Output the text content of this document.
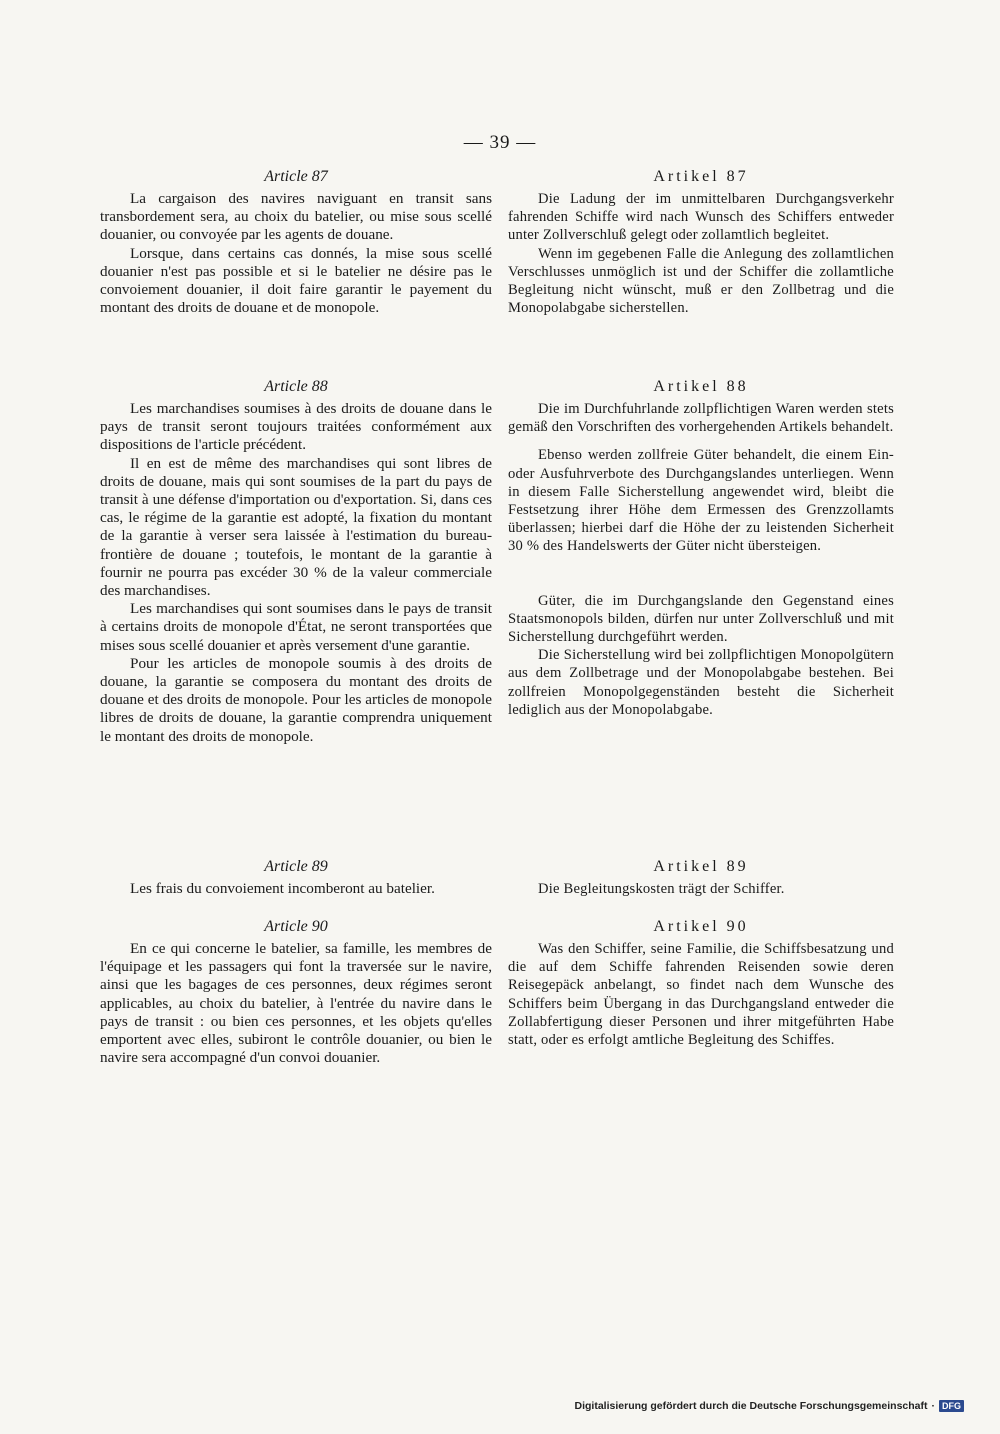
— 39 —
Article 87

La cargaison des navires naviguant en transit sans transbordement sera, au choix du batelier, ou mise sous scellé douanier, ou convoyée par les agents de douane.

Lorsque, dans certains cas donnés, la mise sous scellé douanier n'est pas possible et si le batelier ne désire pas le convoiement douanier, il doit faire garantir le payement du montant des droits de douane et de monopole.

Article 88

Les marchandises soumises à des droits de douane dans le pays de transit seront toujours traitées conformément aux dispositions de l'article précédent.

Il en est de même des marchandises qui sont libres de droits de douane, mais qui sont soumises de la part du pays de transit à une défense d'importation ou d'exportation. Si, dans ces cas, le régime de la garantie est adopté, la fixation du montant de la garantie à verser sera laissée à l'estimation du bureau-frontière de douane ; toutefois, le montant de la garantie à fournir ne pourra pas excéder 30 % de la valeur commerciale des marchandises.

Les marchandises qui sont soumises dans le pays de transit à certains droits de monopole d'État, ne seront transportées que mises sous scellé douanier et après versement d'une garantie.

Pour les articles de monopole soumis à des droits de douane, la garantie se composera du montant des droits de douane et des droits de monopole. Pour les articles de monopole libres de droits de douane, la garantie comprendra uniquement le montant des droits de monopole.

Article 89

Les frais du convoiement incomberont au batelier.

Article 90

En ce qui concerne le batelier, sa famille, les membres de l'équipage et les passagers qui font la traversée sur le navire, ainsi que les bagages de ces personnes, deux régimes seront applicables, au choix du batelier, à l'entrée du navire dans le pays de transit : ou bien ces personnes, et les objets qu'elles emportent avec elles, subiront le contrôle douanier, ou bien le navire sera accompagné d'un convoi douanier.

Artikel 87

Die Ladung der im unmittelbaren Durchgangsverkehr fahrenden Schiffe wird nach Wunsch des Schiffers entweder unter Zollverschluß gelegt oder zollamtlich begleitet.

Wenn im gegebenen Falle die Anlegung des zollamtlichen Verschlusses unmöglich ist und der Schiffer die zollamtliche Begleitung nicht wünscht, muß er den Zollbetrag und die Monopolabgabe sicherstellen.

Artikel 88

Die im Durchfuhrlande zollpflichtigen Waren werden stets gemäß den Vorschriften des vorhergehenden Artikels behandelt.

Ebenso werden zollfreie Güter behandelt, die einem Ein- oder Ausfuhrverbote des Durchgangslandes unterliegen. Wenn in diesem Falle Sicherstellung angewendet wird, bleibt die Festsetzung ihrer Höhe dem Ermessen des Grenzzollamts überlassen; hierbei darf die Höhe der zu leistenden Sicherheit 30 % des Handelswerts der Güter nicht übersteigen.

Güter, die im Durchgangslande den Gegenstand eines Staatsmonopols bilden, dürfen nur unter Zollverschluß und mit Sicherstellung durchgeführt werden.

Die Sicherstellung wird bei zollpflichtigen Monopolgütern aus dem Zollbetrage und der Monopolabgabe bestehen. Bei zollfreien Monopolgegenständen besteht die Sicherheit lediglich aus der Monopolabgabe.

Artikel 89

Die Begleitungskosten trägt der Schiffer.

Artikel 90

Was den Schiffer, seine Familie, die Schiffsbesatzung und die auf dem Schiffe fahrenden Reisenden sowie deren Reisegepäck anbelangt, so findet nach dem Wunsche des Schiffers beim Übergang in das Durchgangsland entweder die Zollabfertigung dieser Personen und ihrer mitgeführten Habe statt, oder es erfolgt amtliche Begleitung des Schiffes.

Digitalisierung gefördert durch die Deutsche Forschungsgemeinschaft · DFG
